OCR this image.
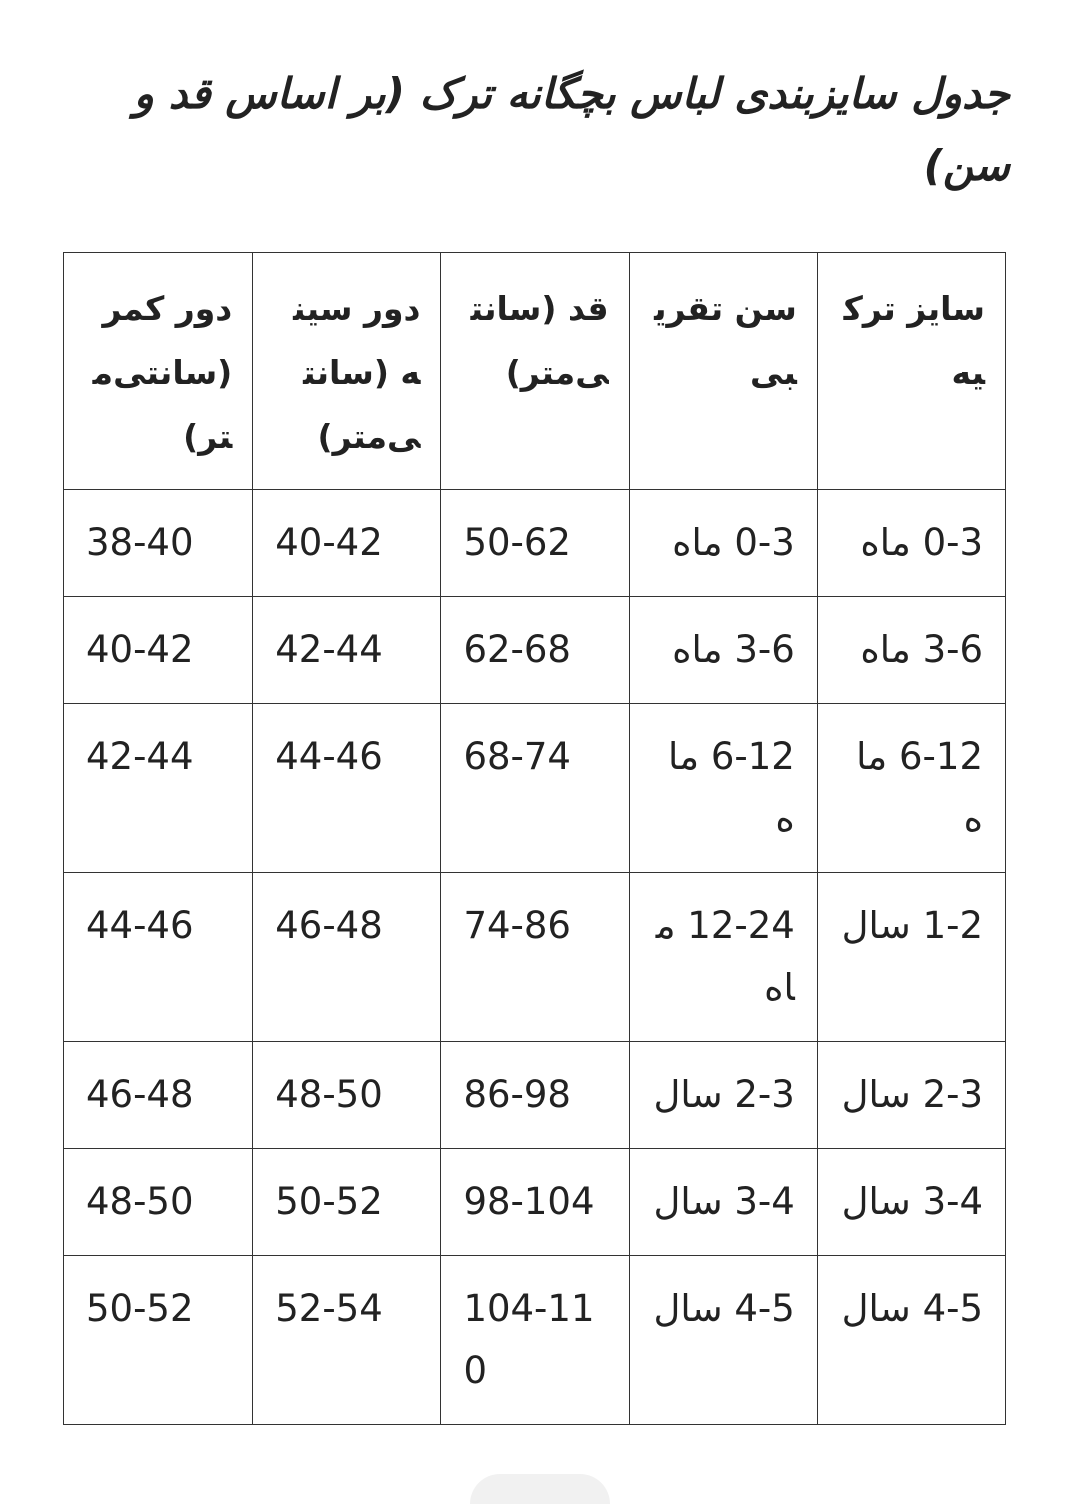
جدول سایزبندی لباس بچگانه ترک (بر اساس قد و سن)
سایز ترکیه	سن تقریبی	قد (سانتی‌متر)	دور سینه (سانتی‌متر)	دور کمر (سانتی‌متر)
0-3 ماه	0-3 ماه	50-62	40-42	38-40
3-6 ماه	3-6 ماه	62-68	42-44	40-42
6-12 ماه	6-12 ماه	68-74	44-46	42-44
1-2 سال	12-24 ماه	74-86	46-48	44-46
2-3 سال	2-3 سال	86-98	48-50	46-48
3-4 سال	3-4 سال	98-104	50-52	48-50
4-5 سال	4-5 سال	104-110	52-54	50-52
